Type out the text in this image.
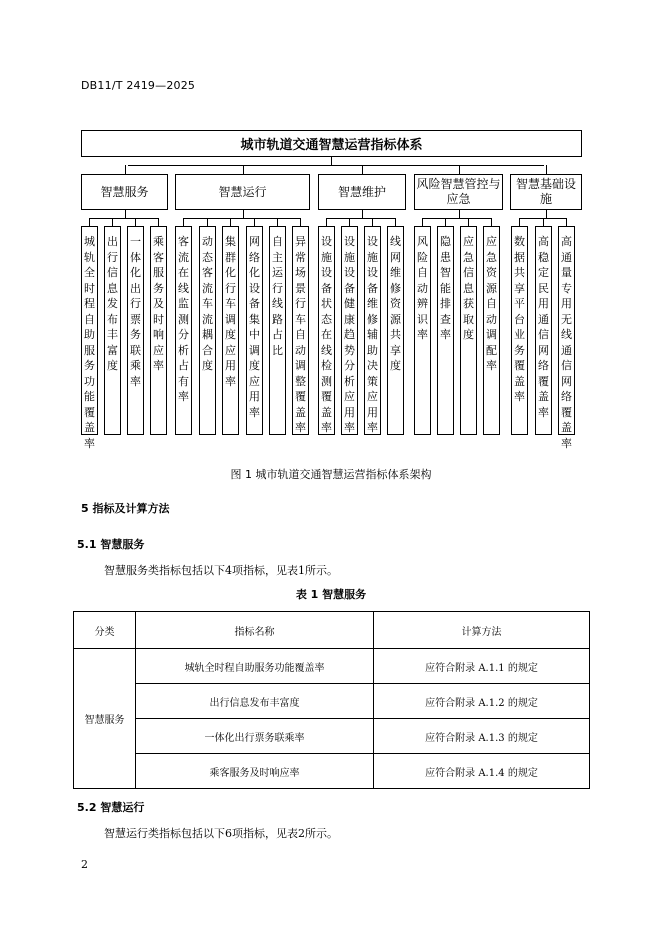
DB11/T 2419—2025
城市轨道交通智慧运营指标体系
智慧服务
城轨全时程自助服务功能覆盖率
出行信息发布丰富度
一体化出行票务联乘率
乘客服务及时响应率
智慧运行
客流在线监测分析占有率
动态客流车流耦合度
集群化行车调度应用率
网络化设备集中调度应用率
自主运行线路占比
异常场景行车自动调整覆盖率
智慧维护
设施设备状态在线检测覆盖率
设施设备健康趋势分析应用率
设施设备维修辅助决策应用率
线网维修资源共享度
风险智慧管控与应急
风险自动辨识率
隐患智能排查率
应急信息获取度
应急资源自动调配率
智慧基础设施
数据共享平台业务覆盖率
高稳定民用通信网络覆盖率
高通量专用无线通信网络覆盖率
图 1 城市轨道交通智慧运营指标体系架构
5 指标及计算方法
5.1 智慧服务
智慧服务类指标包括以下4项指标，见表1所示。
表 1 智慧服务
分类	指标名称	计算方法
智慧服务	城轨全时程自助服务功能覆盖率	应符合附录 A.1.1 的规定
	出行信息发布丰富度	应符合附录 A.1.2 的规定
	一体化出行票务联乘率	应符合附录 A.1.3 的规定
	乘客服务及时响应率	应符合附录 A.1.4 的规定
5.2 智慧运行
智慧运行类指标包括以下6项指标，见表2所示。
2
